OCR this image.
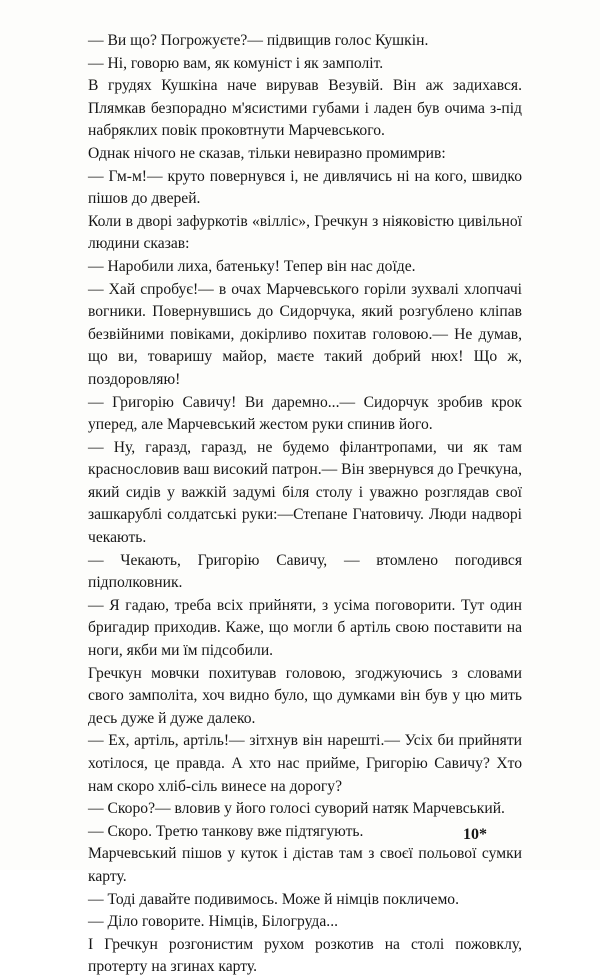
— Ви що? Погрожуєте?— підвищив голос Кушкін.

— Ні, говорю вам, як комуніст і як замполіт.

В грудях Кушкіна наче вирував Везувій. Він аж задихався. Плямкав безпорадно м'ясистими губами і ладен був очима з-під набряклих повік проковтнути Марчевського.

Однак нічого не сказав, тільки невиразно промимрив:

— Гм-м!— круто повернувся і, не дивлячись ні на кого, швидко пішов до дверей.

Коли в дворі зафуркотів «вілліс», Гречкун з ніяковістю цивільної людини сказав:

— Наробили лиха, батеньку! Тепер він нас доїде.

— Хай спробує!— в очах Марчевського горіли зухвалі хлопчачі вогники. Повернувшись до Сидорчука, який розгублено кліпав безвійними повіками, докірливо похитав головою.— Не думав, що ви, товаришу майор, маєте такий добрий нюх! Що ж, поздоровляю!

— Григорію Савичу! Ви даремно...— Сидорчук зробив крок уперед, але Марчевський жестом руки спинив його.

— Ну, гаразд, гаразд, не будемо філантропами, чи як там краснословив ваш високий патрон.— Він звернувся до Гречкуна, який сидів у важкій задумі біля столу і уважно розглядав свої зашкарублі солдатські руки:—Степане Гнатовичу. Люди надворі чекають.

— Чекають, Григорію Савичу, — втомлено погодився підполковник.

— Я гадаю, треба всіх прийняти, з усіма поговорити. Тут один бригадир приходив. Каже, що могли б артіль свою поставити на ноги, якби ми їм підсобили.

Гречкун мовчки похитував головою, згоджуючись з словами свого замполіта, хоч видно було, що думками він був у цю мить десь дуже й дуже далеко.

— Ех, артіль, артіль!— зітхнув він нарешті.— Усіх би прийняти хотілося, це правда. А хто нас прийме, Григорію Савичу? Хто нам скоро хліб-сіль винесе на дорогу?

— Скоро?— вловив у його голосі суворий натяк Марчевський.

— Скоро. Третю танкову вже підтягують.

Марчевський пішов у куток і дістав там з своєї польової сумки карту.

— Тоді давайте подивимось. Може й німців покличемо.

— Діло говорите. Німців, Білогруда...

І Гречкун розгонистим рухом розкотив на столі пожовклу, протерту на згинах карту.

10*
